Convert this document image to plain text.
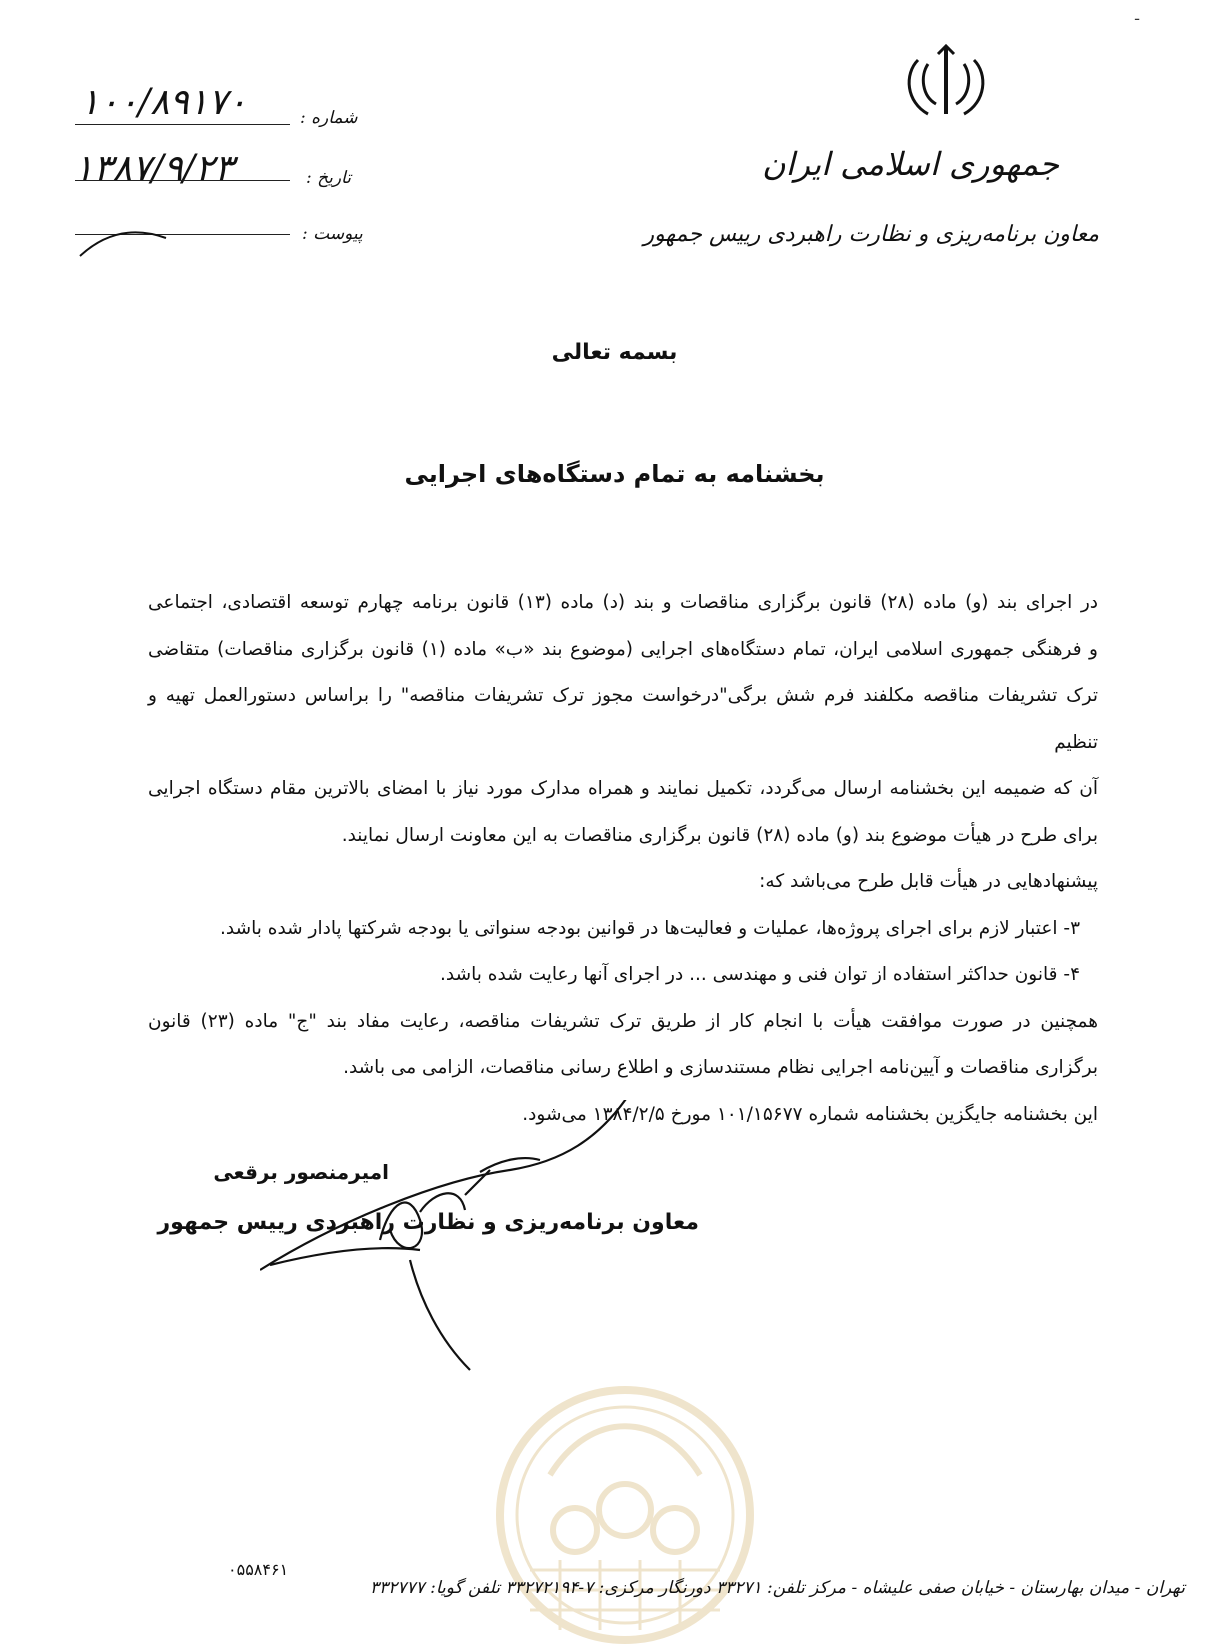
ـ
جمهوری اسلامی ایران
معاون برنامه‌ریزی و نظارت راهبردی رییس جمهور
شماره :
۱۰۰/۸۹۱۷۰
تاریخ :
۱۳۸۷/۹/۲۳
پیوست :
بسمه تعالی
بخشنامه به تمام دستگاه‌های اجرایی

در اجرای بند (و) ماده (۲۸) قانون برگزاری مناقصات و بند (د) ماده (۱۳) قانون برنامه چهارم توسعه اقتصادی، اجتماعی

و فرهنگی جمهوری اسلامی ایران، تمام دستگاه‌های اجرایی (موضوع بند «ب» ماده (۱) قانون برگزاری مناقصات) متقاضی

ترک تشریفات مناقصه مکلفند فرم شش برگی"درخواست مجوز ترک تشریفات مناقصه" را براساس دستورالعمل تهیه و تنظیم

آن که ضمیمه این بخشنامه ارسال می‌گردد، تکمیل نمایند و همراه مدارک مورد نیاز با امضای بالاترین مقام دستگاه اجرایی

برای طرح در هیأت موضوع بند (و) ماده (۲۸) قانون برگزاری مناقصات به این معاونت ارسال نمایند.

پیشنهادهایی در هیأت قابل طرح می‌باشد که:

۳- اعتبار لازم برای اجرای پروژه‌ها، عملیات و فعالیت‌ها در قوانین بودجه سنواتی یا بودجه شرکتها پادار شده باشد.

۴- قانون حداکثر استفاده از توان فنی و مهندسی ... در اجرای آنها رعایت شده باشد.

همچنین در صورت موافقت هیأت با انجام کار از طریق ترک تشریفات مناقصه، رعایت مفاد بند "ج" ماده (۲۳) قانون

برگزاری مناقصات و آیین‌نامه اجرایی نظام مستندسازی و اطلاع رسانی مناقصات، الزامی می باشد.

این بخشنامه جایگزین بخشنامه شماره ۱۰۱/۱۵۶۷۷ مورخ ۱۳۸۴/۲/۵ می‌شود.

امیرمنصور برقعی
معاون برنامه‌ریزی و نظارت راهبردی رییس جمهور
۰۵۵۸۴۶۱
تهران - میدان بهارستان - خیابان صفی علیشاه - مرکز تلفن: ۳۳۲۷۱ دورنگار مرکزی: ۷-۳۳۲۷۲۱۹۴ تلفن گویا: ۳۳۲۷۷۷
